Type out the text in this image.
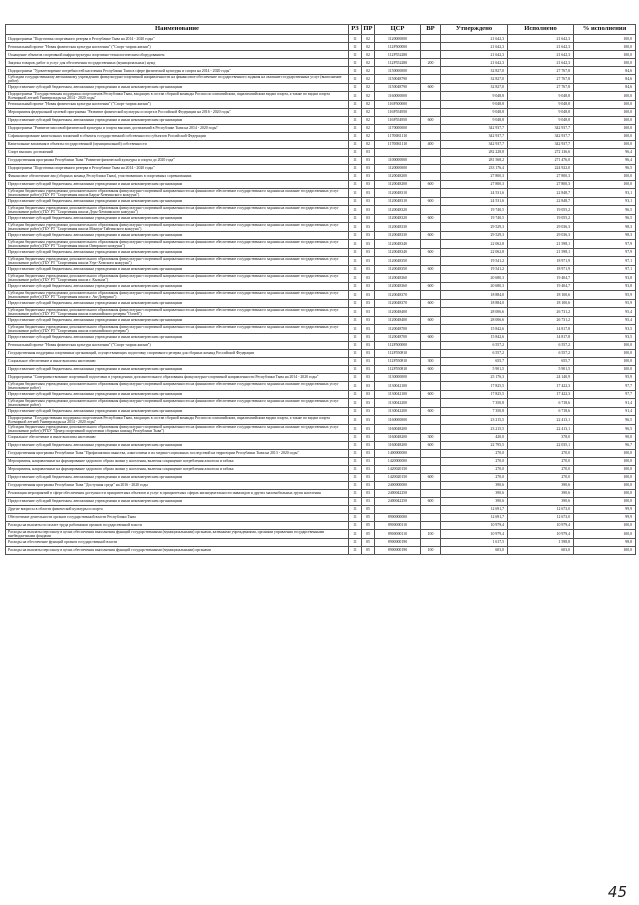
Наименование	РЗ	ПР	ЦСР	ВР	Утверждено	Исполнено	% исполнения
Подпрограмма "Подготовка спортивного резерва в Республике Тыва на 2014 - 2020 годы"	11	02	1120000000		21 642,3	21 642,3	100,0
Региональный проект "Новая физическая культура населения" ("Спорт -норма жизни")	11	02	112P500000		21 642,3	21 642,3	100,0
Оснащение объектов спортивной инфраструктуры спортивно-технологическим оборудованием	11	02	112P552280		21 642,3	21 642,3	100,0
Закупка товаров, работ и услуг для обеспечения государственных (муниципальных) нужд	11	02	112P552280	200	21 642,3	21 642,3	100,0
Подпрограмма "Удовлетворение потребностей населения Республики Тыва в сфере физической культуры и спорта на 2014 - 2020 годы"	11	02	1150000000		32 827,0	27 767,8	84,6
Субсидии государственному автономному учреждению физкультурно-спортивной направленности на финансовое обеспечение государственного задания на оказание государственных услуг (выполнение работ)	11	02	1150048790		32 827,0	27 767,8	84,6
Предоставление субсидий бюджетным, автономным учреждениям и иным некоммерческим организациям	11	02	1150048790	600	32 827,0	27 767,8	84,6
Подпрограмма "Государственная поддержка спортсменов Республики Тыва, входящих в состав сборной команды России по олимпийским, паралимпийским видам спорта, а также по видам спорта Всемирной летней Универсиады на 2014 - 2020 годы"	11	02	1160000000		9 048,8	9 048,8	100,0
Региональный проект "Новая физическая культура населения" ("Спорт -норма жизни")	11	02	116P500000		9 048,8	9 048,8	100,0
Мероприятия федеральной целевой программы "Развитие физической культуры и спорта в Российской Федерации на 2016 - 2020 годы"	11	02	116P554950		9 048,8	9 048,8	100,0
Предоставление субсидий бюджетным, автономным учреждениям и иным некоммерческим организациям	11	02	116P554950	600	9 048,8	9 048,8	100,0
Подпрограмма "Развитие массовой физической культуры и спорта высших достижений в Республике Тыва на 2014 - 2020 годы"	11	02	1170000000		342 937,7	342 937,7	100,0
Софинансирование капитальных вложений в объекты государственной собственности субъектов Российской Федерации	11	02	11700R1110		342 937,7	342 937,7	100,0
Капитальные вложения в объекты государственной (муниципальной) собственности	11	02	11700R1110	400	342 937,7	342 937,7	100,0
Спорт высших достижений	11	03			282 228,8	272 136,6	96,4
Государственная программа Республики Тыва "Развитие физической культуры и спорта до 2020 года"	11	03	1100000000		281 568,2	271 476,0	96,4
Подпрограмма "Подготовка спортивного резерва в Республике Тыва на 2014 - 2020 годы"	11	03	1120000000		233 176,4	224 922,0	96,5
Финансовое обеспечение лиц (сборных команд Республики Тыва), участвовавших в спортивных соревнованиях	11	03	1120048200		27 800,3	27 800,3	100,0
Предоставление субсидий бюджетным, автономным учреждениям и иным некоммерческим организациям	11	03	1120048200	600	27 800,3	27 800,3	100,0
Субсидии бюджетным учреждениям дополнительного образования физкультурно-спортивной направленности на финансовое обеспечение государственного задания на оказание государственных услуг (выполнение работ) (ГБУ РТ "Спортивная школа Барун-Хемчикского кожууна")	11	03	1120048310		24 531,6	22 848,7	93,1
Предоставление субсидий бюджетным, автономным учреждениям и иным некоммерческим организациям	11	03	1120048310	600	24 531,6	22 848,7	93,1
Субсидии бюджетным учреждениям дополнительного образования физкультурно-спортивной направленности на финансовое обеспечение государственного задания на оказание государственных услуг (выполнение работ) (ГБУ РТ "Спортивная школа Дзун-Хемчикского кожууна")	11	03	1120048320		19 740,5	19 055,2	96,5
Предоставление субсидий бюджетным, автономным учреждениям и иным некоммерческим организациям	11	03	1120048320	600	19 740,5	19 055,2	96,5
Субсидии бюджетным учреждениям дополнительного образования физкультурно-спортивной направленности на финансовое обеспечение государственного задания на оказание государственных услуг (выполнение работ) (ГБУ РТ "Спортивная школа Монгун-Тайгинского кожууна")	11	03	1120048330		29 529,3	29 036,3	98,3
Предоставление субсидий бюджетным, автономным учреждениям и иным некоммерческим организациям	11	03	1120048330	600	29 529,3	29 036,3	98,3
Субсидии бюджетным учреждениям дополнительного образования физкультурно-спортивной направленности на финансовое обеспечение государственного задания на оказание государственных услуг (выполнение работ) (ГБУ РТ "Спортивная школа Овюрского кожууна")	11	03	1120048340		22 062,8	21 598,1	97,9
Предоставление субсидий бюджетным, автономным учреждениям и иным некоммерческим организациям	11	03	1120048340	600	22 062,8	21 598,1	97,9
Субсидии бюджетным учреждениям дополнительного образования физкультурно-спортивной направленности на финансовое обеспечение государственного задания на оказание государственных услуг (выполнение работ) (ГБУ РТ "Спортивная школа Улуг-Хемского кожууна")	11	03	1120048350		19 541,2	18 971,9	97,1
Предоставление субсидий бюджетным, автономным учреждениям и иным некоммерческим организациям	11	03	1120048350	600	19 541,2	18 971,9	97,1
Субсидии бюджетным учреждениям дополнительного образования физкультурно-спортивной направленности на финансовое обеспечение государственного задания на оказание государственных услуг (выполнение работ) (ГБУ РТ "Спортивная школа г. Кызыла")	11	03	1120048360		20 680,3	19 404,7	93,8
Предоставление субсидий бюджетным, автономным учреждениям и иным некоммерческим организациям	11	03	1120048360	600	20 680,3	19 404,7	93,8
Субсидии бюджетным учреждениям дополнительного образования физкультурно-спортивной направленности на финансовое обеспечение государственного задания на оказание государственных услуг (выполнение работ) (ГБУ РТ "Спортивная школа г. Ак-Довурака")	11	03	1120048370		18 884,0	18 100,6	95,9
Предоставление субсидий бюджетным, автономным учреждениям и иным некоммерческим организациям	11	03	1120048370	600	18 884,0	18 100,6	95,9
Субсидии бюджетным учреждениям дополнительного образования физкультурно-спортивной направленности на финансовое обеспечение государственного задания на оказание государственных услуг (выполнение работ) (ГБУ РТ "Спортивная школа олимпийского резерва "Олчей")	11	03	1120048400		28 006,6	26 731,2	95,4
Предоставление субсидий бюджетным, автономным учреждениям и иным некоммерческим организациям	11	03	1120048400	600	28 006,6	26 731,2	95,4
Субсидии бюджетным учреждениям дополнительного образования физкультурно-спортивной направленности на финансовое обеспечение государственного задания на оказание государственных услуг (выполнение работ) (ГБУ РТ "Спортивная школа олимпийского резерва")	11	03	1120048700		15 842,6	14 817,8	93,5
Предоставление субсидий бюджетным, автономным учреждениям и иным некоммерческим организациям	11	03	1120048700	600	15 842,6	14 817,8	93,5
Региональный проект "Новая физическая культура населения" ("Спорт -норма жизни")	11	03	112P500000		6 557,2	6 557,2	100,0
Государственная поддержка спортивных организаций, осуществляющих подготовку спортивного резерва для сборных команд Российской Федерации	11	03	112P550810		6 557,2	6 557,2	100,0
Социальное обеспечение и иные выплаты населению	11	03	112P550810	300	655,7	655,7	100,0
Предоставление субсидий бюджетным, автономным учреждениям и иным некоммерческим организациям	11	03	112P550810	600	5 901,5	5 901,5	100,0
Подпрограмма "Совершенствование спортивной подготовки в учреждениях дополнительного образования физкультурно-спортивной направленности Республики Тыва на 2014 - 2020 годы"	11	03	1130000000		25 176,3	24 140,9	95,9
Субсидии бюджетным учреждениям дополнительного образования физкультурно-спортивной направленности на финансовое обеспечение государственного задания на оказание государственных услуг (выполнение работ)	11	03	1130042100		17 825,5	17 422,3	97,7
Предоставление субсидий бюджетным, автономным учреждениям и иным некоммерческим организациям	11	03	1130042100	600	17 825,5	17 422,3	97,7
Субсидии бюджетным учреждениям дополнительного образования физкультурно-спортивной направленности на финансовое обеспечение государственного задания на оказание государственных услуг (выполнение работ)	11	03	1130042200		7 350,8	6 718,6	91,4
Предоставление субсидий бюджетным, автономным учреждениям и иным некоммерческим организациям	11	03	1130042200	600	7 350,8	6 718,6	91,4
Подпрограмма "Государственная поддержка спортсменов Республики Тыва, входящих в состав сборной команды России по олимпийским, паралимпийским видам спорта, а также по видам спорта Всемирной летней Универсиады на 2014 - 2020 годы"	11	03	1160000000		23 215,5	22 413,1	96,5
Субсидии бюджетным учреждениям дополнительного образования физкультурно-спортивной направленности на финансовое обеспечение государственного задания на оказание государственных услуг (выполнение работ) (РГБУ "Центр спортивной подготовки сборных команд Республики Тыва")	11	03	1160048200		23 215,5	22 413,1	96,5
Социальное обеспечение и иные выплаты населению	11	03	1160048200	300	420,0	378,0	90,0
Предоставление субсидий бюджетным, автономным учреждениям и иным некоммерческим организациям	11	03	1160048200	600	22 795,5	22 035,1	96,7
Государственная программа Республики Тыва "Профилактика пьянства, алкоголизма и их медико-социальных последствий на территории Республики Тыва на 2013 - 2020 годы"	11	03	1400000000		270,0	270,0	100,0
Мероприятия, направленные на формирование здорового образа жизни у населения, включая сокращение потребления алкоголя и табака	11	03	1420000000		270,0	270,0	100,0
Мероприятия, направленные на формирование здорового образа жизни у населения, включая сокращение потребления алкоголя и табака	11	03	1420020150		270,0	270,0	100,0
Предоставление субсидий бюджетным, автономным учреждениям и иным некоммерческим организациям	11	03	1420020150	600	270,0	270,0	100,0
Государственная программа Республики Тыва "Доступная среда" на 2016 - 2020 годы	11	03	2400000000		390,6	390,6	100,0
Реализация мероприятий в сфере обеспечения доступности приоритетных объектов и услуг в приоритетных сферах жизнедеятельности инвалидов и других маломобильных групп населения	11	03	2400042250		390,6	390,6	100,0
Предоставление субсидий бюджетным, автономным учреждениям и иным некоммерческим организациям	11	03	2400042250	600	390,6	390,6	100,0
Другие вопросы в области физической культуры и спорта	11	05			12 691,7	12 673,0	99,9
Обеспечение деятельности органов государственной власти Республики Тыва	11	05	8900000000		12 691,7	12 673,0	99,9
Расходы на выплаты по оплате труда работников органов государственной власти	11	05	8900000110		10 979,4	10 979,4	100,0
Расходы на выплаты персоналу в целях обеспечения выполнения функций государственными (муниципальными) органами, казенными учреждениями, органами управления государственными внебюджетными фондами	11	05	8900000110	100	10 979,4	10 979,4	100,0
Расходы на обеспечение функций органов государственной власти	11	05	8900000190		1 617,5	1 598,8	98,8
Расходы на выплаты персоналу в целях обеспечения выполнения функций государственными (муниципальными) органами	11	05	8900000190	100	603,0	603,0	100,0
45
